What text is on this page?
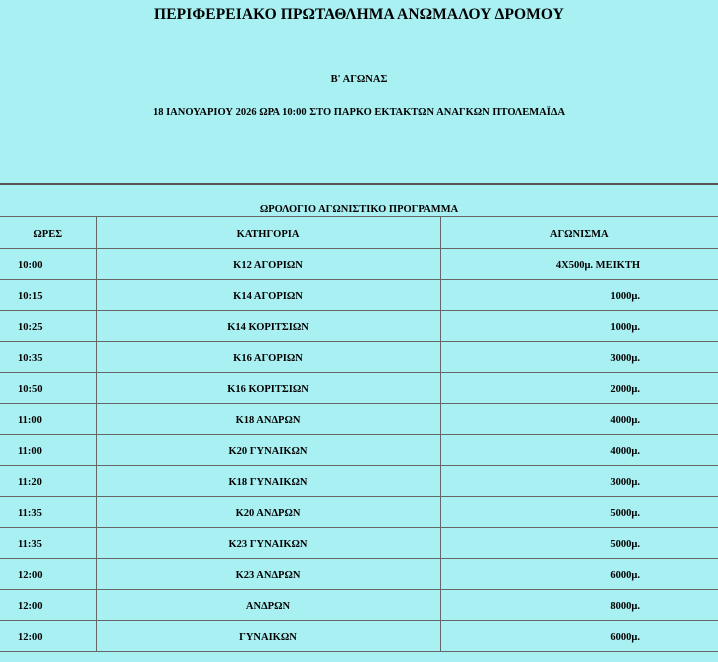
ΠΕΡΙΦΕΡΕΙΑΚΟ ΠΡΩΤΑΘΛΗΜΑ ΑΝΩΜΑΛΟΥ ΔΡΟΜΟΥ
Β' ΑΓΩΝΑΣ
18 ΙΑΝΟΥΑΡΙΟΥ 2026 ΩΡΑ 10:00 ΣΤΟ ΠΑΡΚΟ ΕΚΤΑΚΤΩΝ ΑΝΑΓΚΩΝ ΠΤΟΛΕΜΑΪΔΑ
ΩΡΟΛΟΓΙΟ ΑΓΩΝΙΣΤΙΚΟ ΠΡΟΓΡΑΜΜΑ
ΩΡΕΣ	ΚΑΤΗΓΟΡΙΑ	ΑΓΩΝΙΣΜΑ
10:00	Κ12 ΑΓΟΡΙΩΝ	4Χ500μ. ΜΕΙΚΤΗ
10:15	Κ14 ΑΓΟΡΙΩΝ	1000μ.
10:25	Κ14 ΚΟΡΙΤΣΙΩΝ	1000μ.
10:35	Κ16 ΑΓΟΡΙΩΝ	3000μ.
10:50	Κ16 ΚΟΡΙΤΣΙΩΝ	2000μ.
11:00	Κ18 ΑΝΔΡΩΝ	4000μ.
11:00	Κ20 ΓΥΝΑΙΚΩΝ	4000μ.
11:20	Κ18 ΓΥΝΑΙΚΩΝ	3000μ.
11:35	Κ20 ΑΝΔΡΩΝ	5000μ.
11:35	Κ23 ΓΥΝΑΙΚΩΝ	5000μ.
12:00	Κ23 ΑΝΔΡΩΝ	6000μ.
12:00	ΑΝΔΡΩΝ	8000μ.
12:00	ΓΥΝΑΙΚΩΝ	6000μ.
